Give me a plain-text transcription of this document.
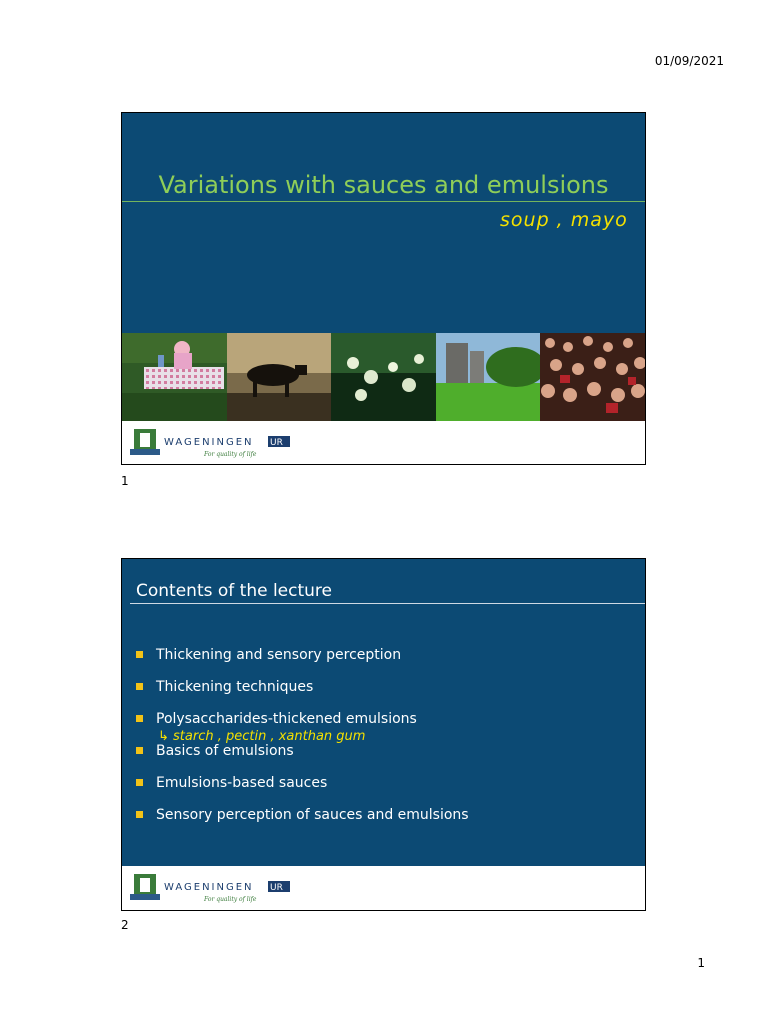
01/09/2021
Variations with sauces and emulsions
soup , mayo
WAGENINGEN UR
For quality of life
1
Contents of the lecture
Thickening and sensory perception
Thickening techniques
Polysaccharides-thickened emulsions
Basics of emulsions
Emulsions-based sauces
Sensory perception of sauces and emulsions
↳ starch , pectin , xanthan gum
WAGENINGEN UR
For quality of life
2
1
